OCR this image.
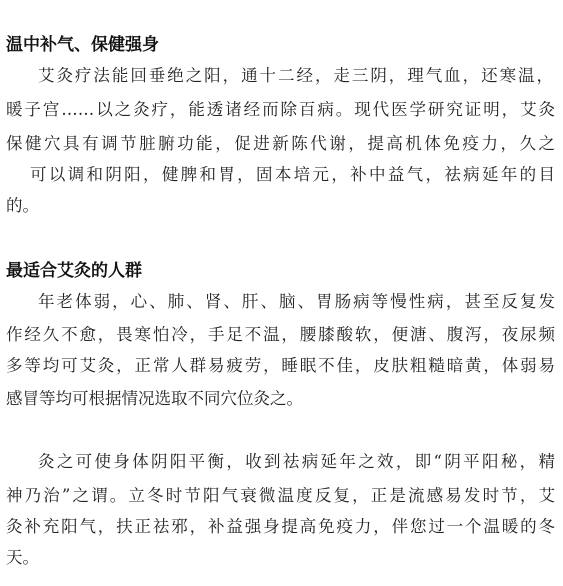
温中补气、保健强身
艾灸疗法能回垂绝之阳，通十二经，走三阴，理气血，还寒温，
暖子宫……以之灸疗，能透诸经而除百病。现代医学研究证明，艾灸
保健穴具有调节脏腑功能，促进新陈代谢，提高机体免疫力，久之
可以调和阴阳，健脾和胃，固本培元，补中益气，祛病延年的目
的。
最适合艾灸的人群
年老体弱，心、肺、肾、肝、脑、胃肠病等慢性病，甚至反复发
作经久不愈，畏寒怕冷，手足不温，腰膝酸软，便溏、腹泻，夜尿频
多等均可艾灸，正常人群易疲劳，睡眠不佳，皮肤粗糙暗黄，体弱易
感冒等均可根据情况选取不同穴位灸之。
灸之可使身体阴阳平衡，收到祛病延年之效，即“阴平阳秘，精
神乃治”之谓。立冬时节阳气衰微温度反复，正是流感易发时节，艾
灸补充阳气，扶正祛邪，补益强身提高免疫力，伴您过一个温暖的冬
天。
